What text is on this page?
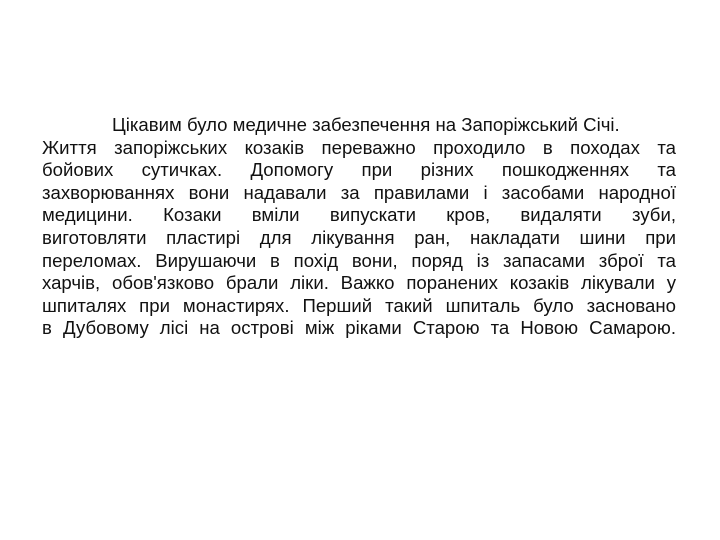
Цікавим було медичне забезпечення на Запоріжський Січі.
Життя запоріжських козаків переважно проходило в походах та
бойових сутичках. Допомогу при різних пошкодженнях та
захворюваннях вони надавали за правилами і засобами народної
медицини. Козаки вміли випускати кров, видаляти зуби,
виготовляти пластирі для лікування ран, накладати шини при
переломах. Вирушаючи в похід вони, поряд із запасами зброї та
харчів, обов'язково брали ліки. Важко поранених козаків лікували у
шпиталях при монастирях. Перший такий шпиталь було засновано
в Дубовому лісі на острові між ріками Старою та Новою Самарою.
